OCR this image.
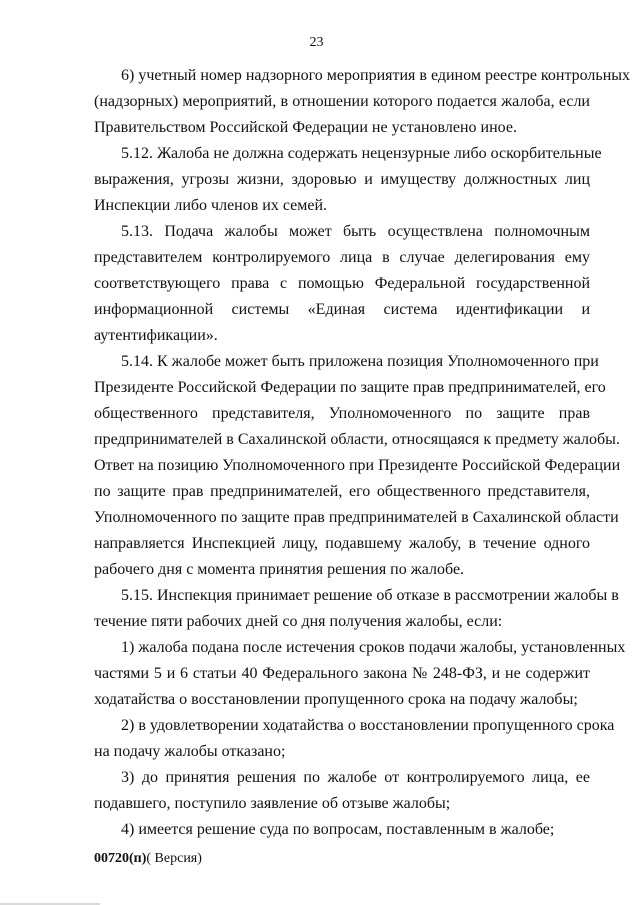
23
6) учетный номер надзорного мероприятия в едином реестре контрольных
(надзорных) мероприятий, в отношении которого подается жалоба, если
Правительством Российской Федерации не установлено иное.
5.12. Жалоба не должна содержать нецензурные либо оскорбительные
выражения, угрозы жизни, здоровью и имуществу должностных лиц
Инспекции либо членов их семей.
5.13. Подача жалобы может быть осуществлена полномочным
представителем контролируемого лица в случае делегирования ему
соответствующего права с помощью Федеральной государственной
информационной системы «Единая система идентификации и
аутентификации».
5.14. К жалобе может быть приложена позиция Уполномоченного при
Президенте Российской Федерации по защите прав предпринимателей, его
общественного представителя, Уполномоченного по защите прав
предпринимателей в Сахалинской области, относящаяся к предмету жалобы.
Ответ на позицию Уполномоченного при Президенте Российской Федерации
по защите прав предпринимателей, его общественного представителя,
Уполномоченного по защите прав предпринимателей в Сахалинской области
направляется Инспекцией лицу, подавшему жалобу, в течение одного
рабочего дня с момента принятия решения по жалобе.
5.15. Инспекция принимает решение об отказе в рассмотрении жалобы в
течение пяти рабочих дней со дня получения жалобы, если:
1) жалоба подана после истечения сроков подачи жалобы, установленных
частями 5 и 6 статьи 40 Федерального закона № 248-ФЗ, и не содержит
ходатайства о восстановлении пропущенного срока на подачу жалобы;
2) в удовлетворении ходатайства о восстановлении пропущенного срока
на подачу жалобы отказано;
3) до принятия решения по жалобе от контролируемого лица, ее
подавшего, поступило заявление об отзыве жалобы;
4) имеется решение суда по вопросам, поставленным в жалобе;
00720(п)( Версия)
